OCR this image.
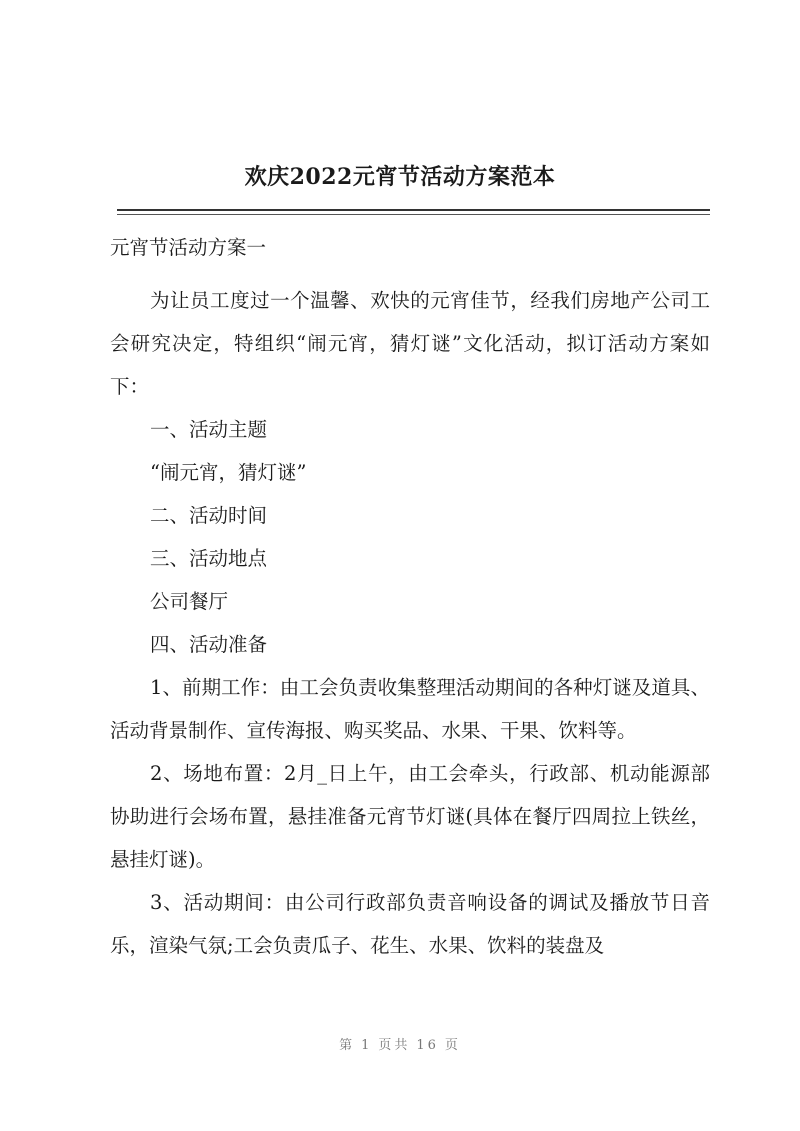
欢庆2022元宵节活动方案范本

元宵节活动方案一

为让员工度过一个温馨、欢快的元宵佳节，经我们房地产公司工会研究决定，特组织“闹元宵，猜灯谜”文化活动，拟订活动方案如下：

一、活动主题

“闹元宵，猜灯谜”

二、活动时间

三、活动地点

公司餐厅

四、活动准备

1、前期工作：由工会负责收集整理活动期间的各种灯谜及道具、活动背景制作、宣传海报、购买奖品、水果、干果、饮料等。

2、场地布置：2月_日上午，由工会牵头，行政部、机动能源部协助进行会场布置，悬挂准备元宵节灯谜(具体在餐厅四周拉上铁丝，悬挂灯谜)。

3、活动期间：由公司行政部负责音响设备的调试及播放节日音乐，渲染气氛;工会负责瓜子、花生、水果、饮料的装盘及

第 1 页共 16 页
